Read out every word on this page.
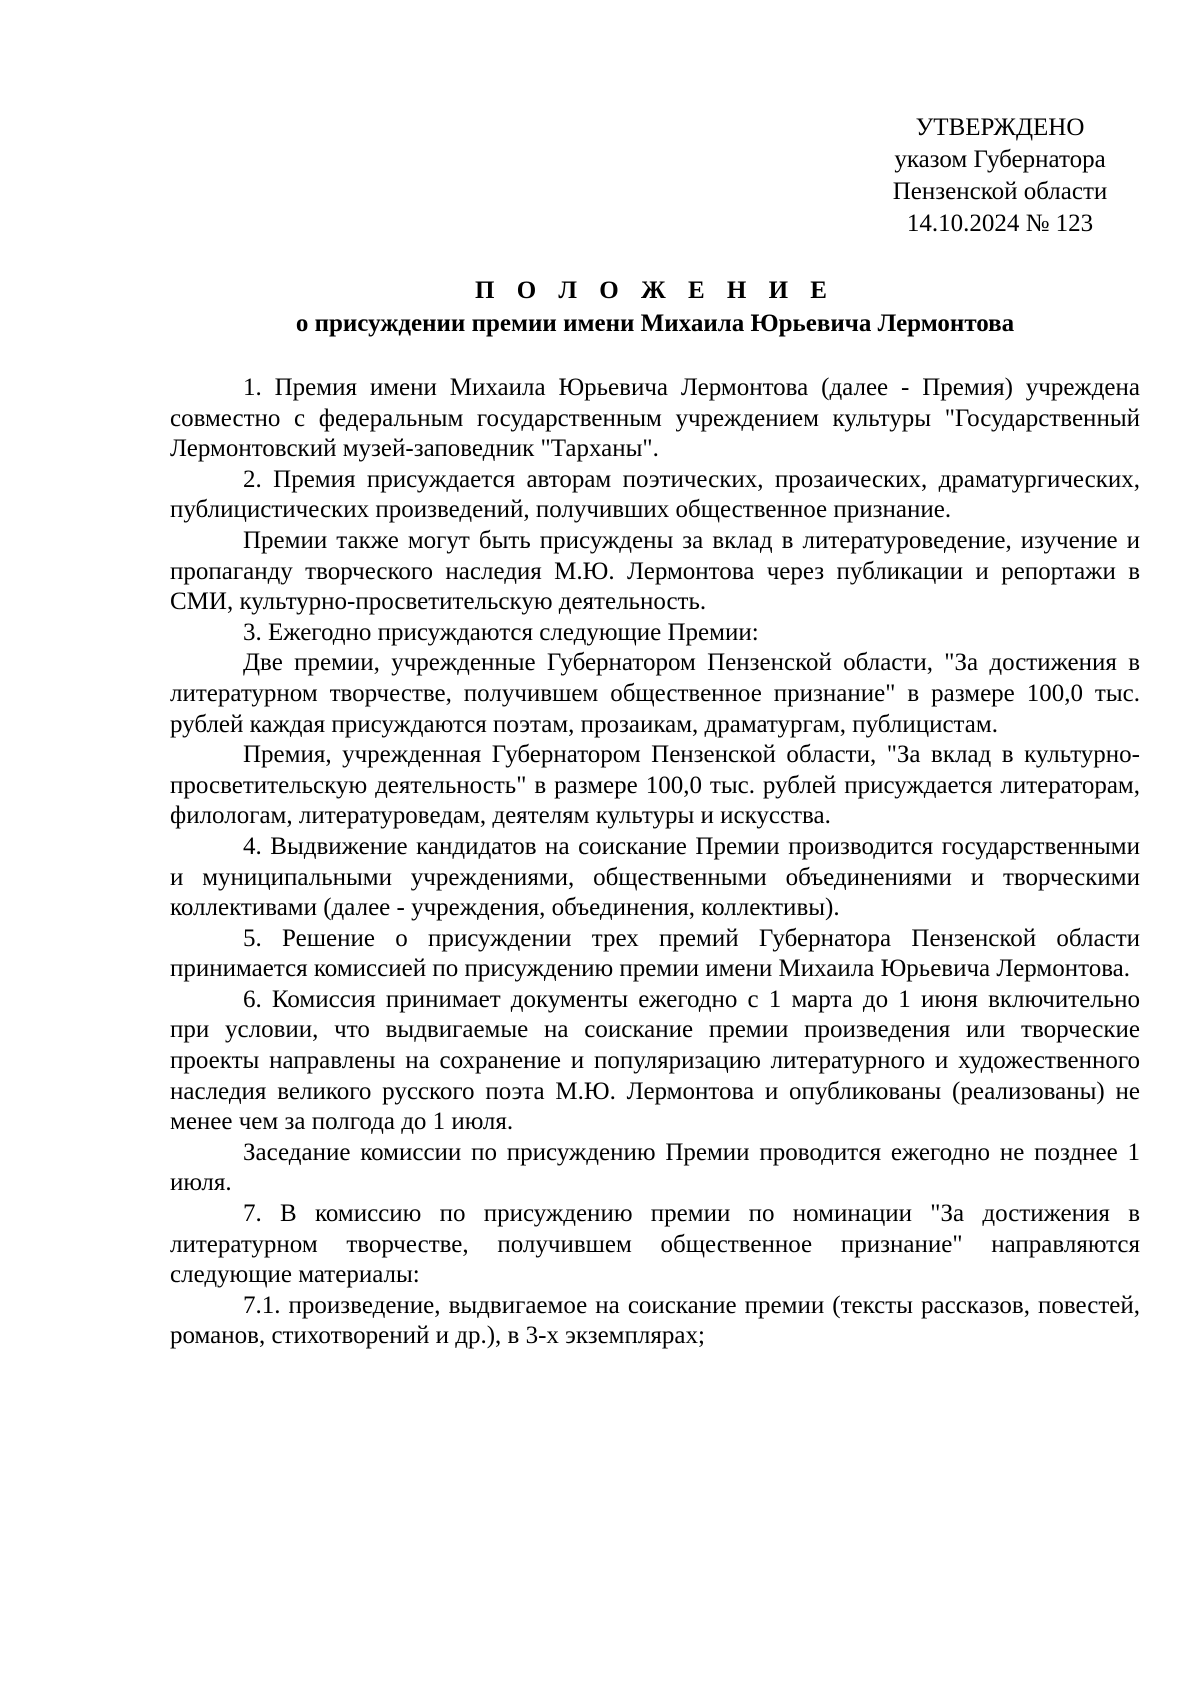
УТВЕРЖДЕНО
указом Губернатора
Пензенской области
14.10.2024 № 123
П О Л О Ж Е Н И Е
о присуждении премии имени Михаила Юрьевича Лермонтова

1. Премия имени Михаила Юрьевича Лермонтова (далее - Премия) учреждена совместно с федеральным государственным учреждением культуры "Государственный Лермонтовский музей-заповедник "Тарханы".

2. Премия присуждается авторам поэтических, прозаических, драматургических, публицистических произведений, получивших общественное признание.

Премии также могут быть присуждены за вклад в литературоведение, изучение и пропаганду творческого наследия М.Ю. Лермонтова через публикации и репортажи в СМИ, культурно-просветительскую деятельность.

3. Ежегодно присуждаются следующие Премии:

Две премии, учрежденные Губернатором Пензенской области, "За достижения в литературном творчестве, получившем общественное признание" в размере 100,0 тыс. рублей каждая присуждаются поэтам, прозаикам, драматургам, публицистам.

Премия, учрежденная Губернатором Пензенской области, "За вклад в культурно-просветительскую деятельность" в размере 100,0 тыс. рублей присуждается литераторам, филологам, литературоведам, деятелям культуры и искусства.

4. Выдвижение кандидатов на соискание Премии производится государственными и муниципальными учреждениями, общественными объединениями и творческими коллективами (далее - учреждения, объединения, коллективы).

5. Решение о присуждении трех премий Губернатора Пензенской области принимается комиссией по присуждению премии имени Михаила Юрьевича Лермонтова.

6. Комиссия принимает документы ежегодно с 1 марта до 1 июня включительно при условии, что выдвигаемые на соискание премии произведения или творческие проекты направлены на сохранение и популяризацию литературного и художественного наследия великого русского поэта М.Ю. Лермонтова и опубликованы (реализованы) не менее чем за полгода до 1 июля.

Заседание комиссии по присуждению Премии проводится ежегодно не позднее 1 июля.

7. В комиссию по присуждению премии по номинации "За достижения в литературном творчестве, получившем общественное признание" направляются следующие материалы:

7.1. произведение, выдвигаемое на соискание премии (тексты рассказов, повестей, романов, стихотворений и др.), в 3-х экземплярах;
